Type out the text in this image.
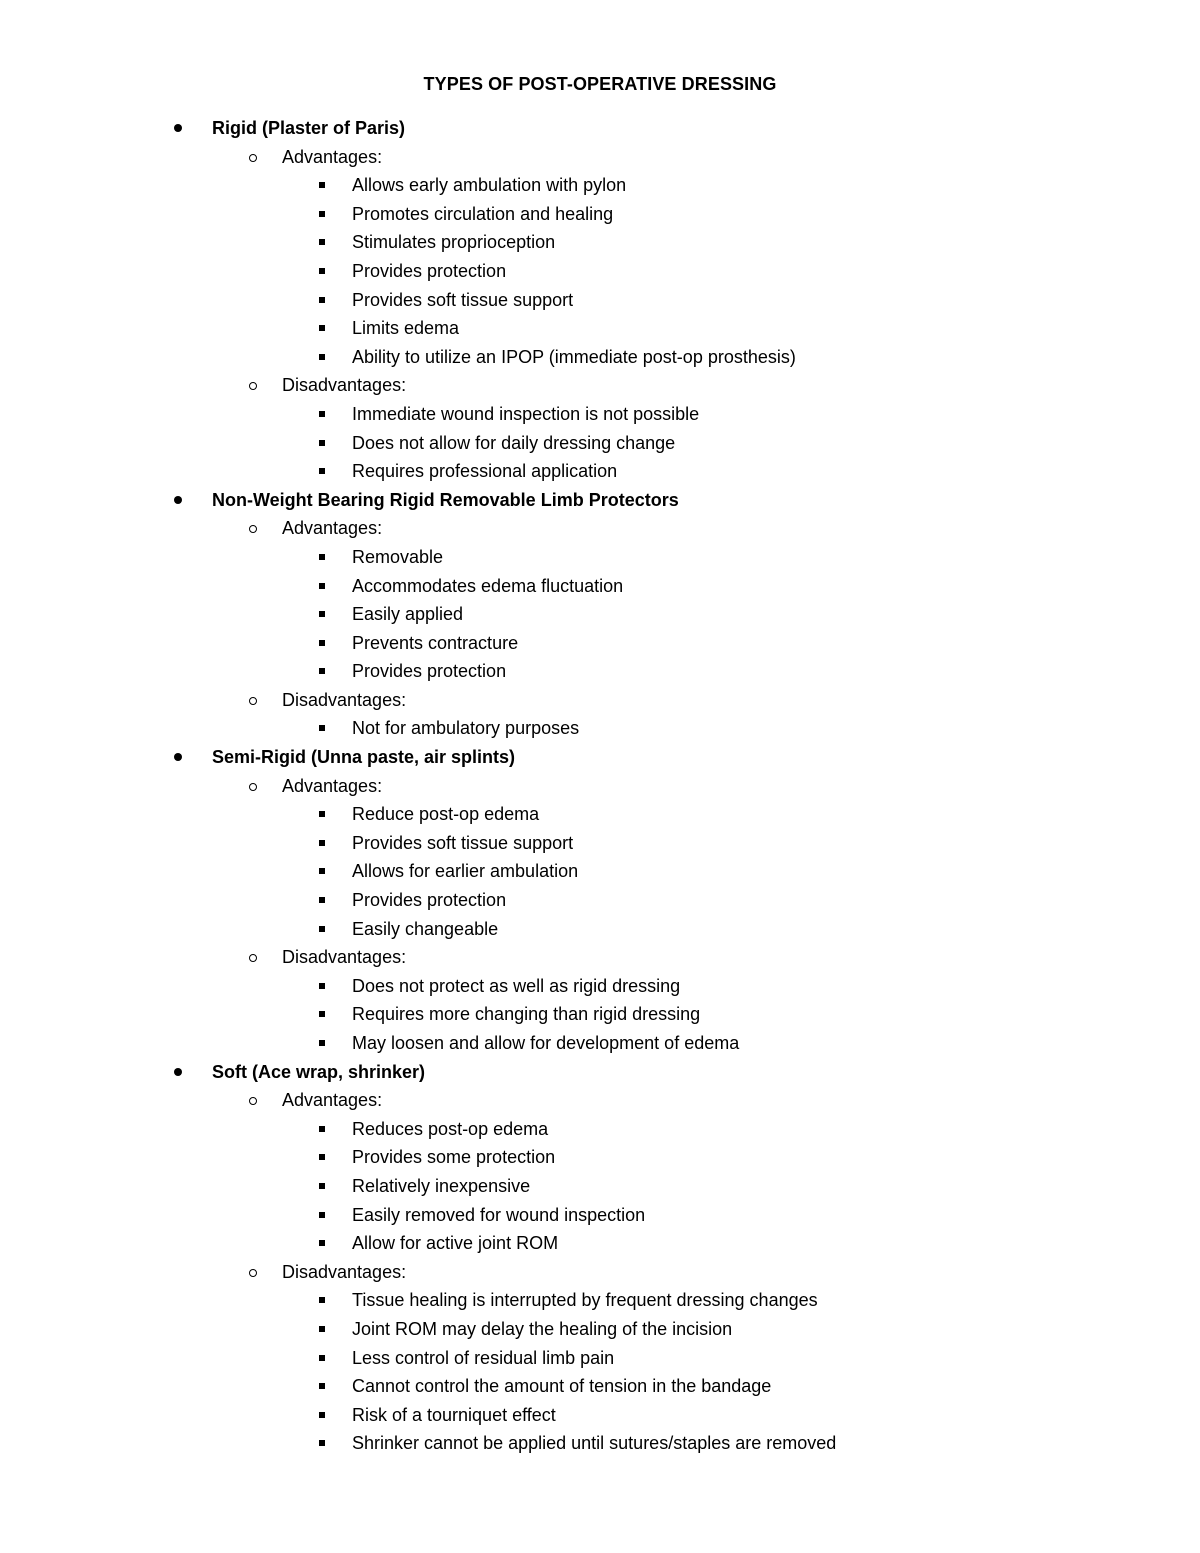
TYPES OF POST-OPERATIVE DRESSING
Rigid (Plaster of Paris)
Advantages:
Allows early ambulation with pylon
Promotes circulation and healing
Stimulates proprioception
Provides protection
Provides soft tissue support
Limits edema
Ability to utilize an IPOP (immediate post-op prosthesis)
Disadvantages:
Immediate wound inspection is not possible
Does not allow for daily dressing change
Requires professional application
Non-Weight Bearing Rigid Removable Limb Protectors
Advantages:
Removable
Accommodates edema fluctuation
Easily applied
Prevents contracture
Provides protection
Disadvantages:
Not for ambulatory purposes
Semi-Rigid (Unna paste, air splints)
Advantages:
Reduce post-op edema
Provides soft tissue support
Allows for earlier ambulation
Provides protection
Easily changeable
Disadvantages:
Does not protect as well as rigid dressing
Requires more changing than rigid dressing
May loosen and allow for development of edema
Soft (Ace wrap, shrinker)
Advantages:
Reduces post-op edema
Provides some protection
Relatively inexpensive
Easily removed for wound inspection
Allow for active joint ROM
Disadvantages:
Tissue healing is interrupted by frequent dressing changes
Joint ROM may delay the healing of the incision
Less control of residual limb pain
Cannot control the amount of tension in the bandage
Risk of a tourniquet effect
Shrinker cannot be applied until sutures/staples are removed
